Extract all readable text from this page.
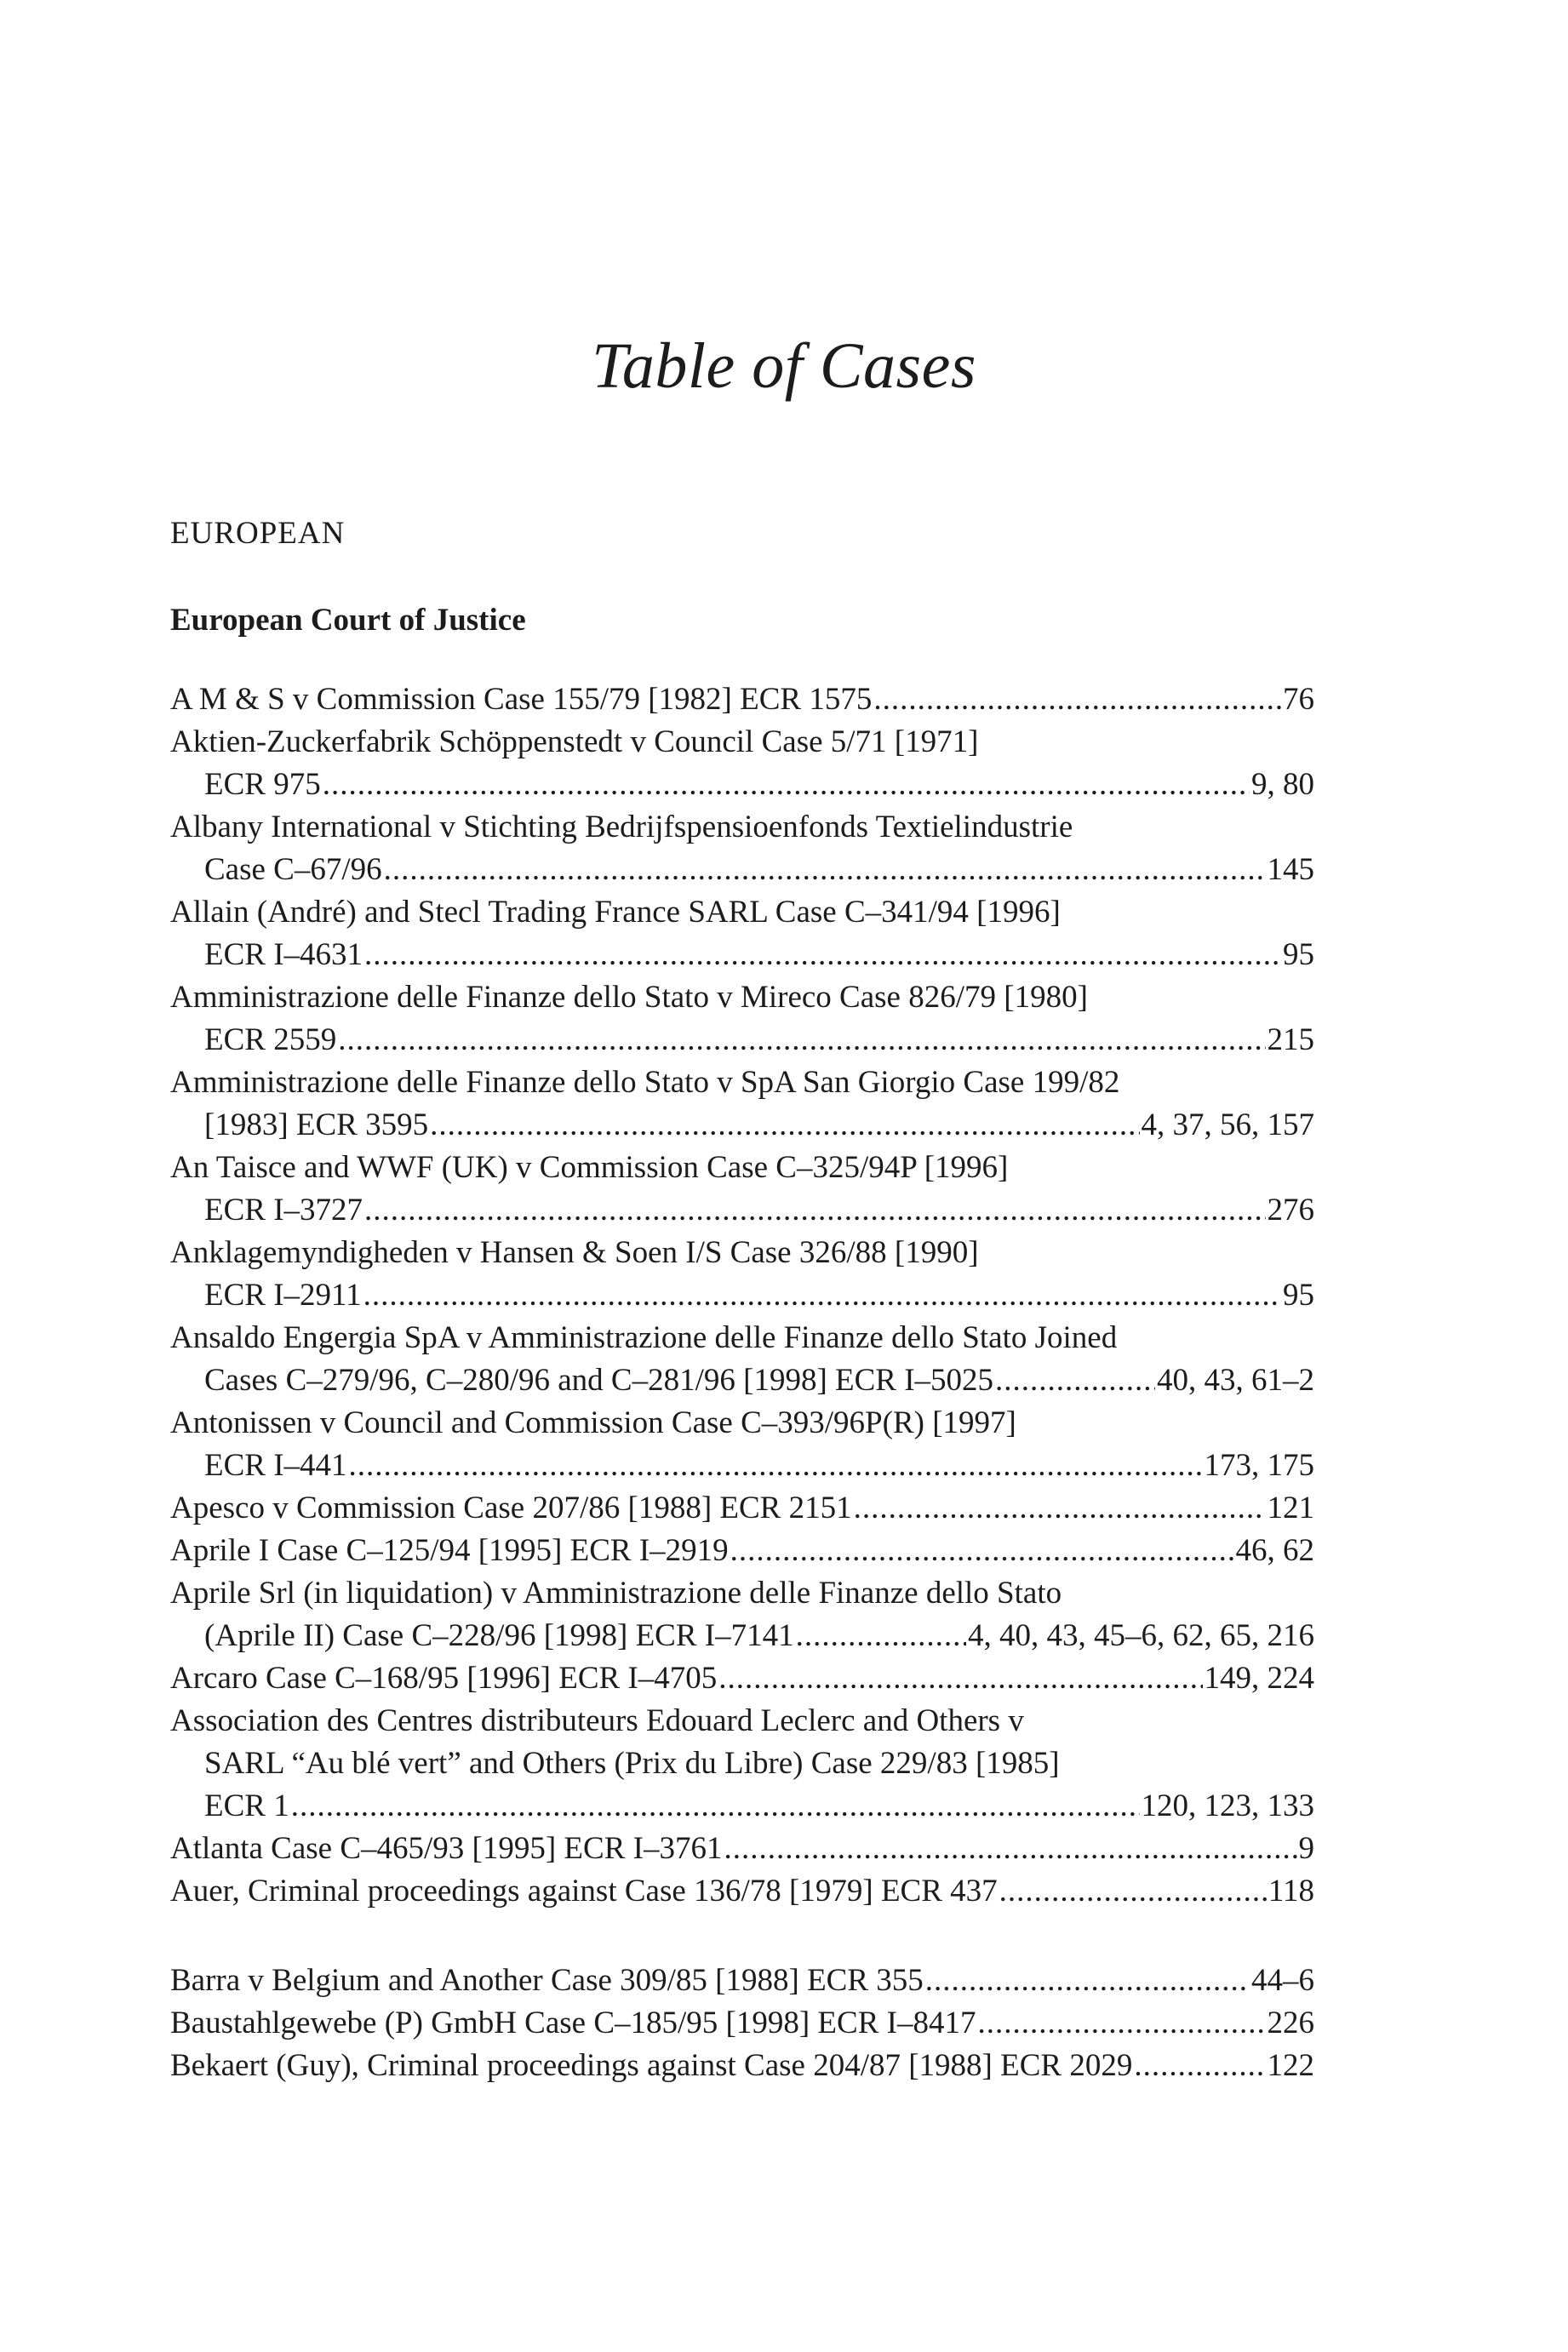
Table of Cases
EUROPEAN
European Court of Justice
A M & S v Commission Case 155/79 [1982] ECR 1575 .....	76
Aktien-Zuckerfabrik Schöppenstedt v Council Case 5/71 [1971]
ECR 975 .....	9, 80
Albany International v Stichting Bedrijfspensioenfonds Textielindustrie
Case C–67/96 .....	145
Allain (André) and Stecl Trading France SARL Case C–341/94 [1996]
ECR I–4631 .....	95
Amministrazione delle Finanze dello Stato v Mireco Case 826/79 [1980]
ECR 2559 .....	215
Amministrazione delle Finanze dello Stato v SpA San Giorgio Case 199/82
[1983] ECR 3595 .....	4, 37, 56, 157
An Taisce and WWF (UK) v Commission Case C–325/94P [1996]
ECR I–3727 .....	276
Anklagemyndigheden v Hansen & Soen I/S Case 326/88 [1990]
ECR I–2911 .....	95
Ansaldo Engergia SpA v Amministrazione delle Finanze dello Stato Joined
Cases C–279/96, C–280/96 and C–281/96 [1998] ECR I–5025 .....	40, 43, 61–2
Antonissen v Council and Commission Case C–393/96P(R) [1997]
ECR I–441 .....	173, 175
Apesco v Commission Case 207/86 [1988] ECR 2151 .....	121
Aprile I Case C–125/94 [1995] ECR I–2919 .....	46, 62
Aprile Srl (in liquidation) v Amministrazione delle Finanze dello Stato
(Aprile II) Case C–228/96 [1998] ECR I–7141 .....	4, 40, 43, 45–6, 62, 65, 216
Arcaro Case C–168/95 [1996] ECR I–4705 .....	149, 224
Association des Centres distributeurs Edouard Leclerc and Others v
SARL “Au blé vert” and Others (Prix du Libre) Case 229/83 [1985]
ECR 1 .....	120, 123, 133
Atlanta Case C–465/93 [1995] ECR I–3761 .....	9
Auer, Criminal proceedings against Case 136/78 [1979] ECR 437 .....	118
Barra v Belgium and Another Case 309/85 [1988] ECR 355 .....	44–6
Baustahlgewebe (P) GmbH Case C–185/95 [1998] ECR I–8417 .....	226
Bekaert (Guy), Criminal proceedings against Case 204/87 [1988] ECR 2029 .....	122
